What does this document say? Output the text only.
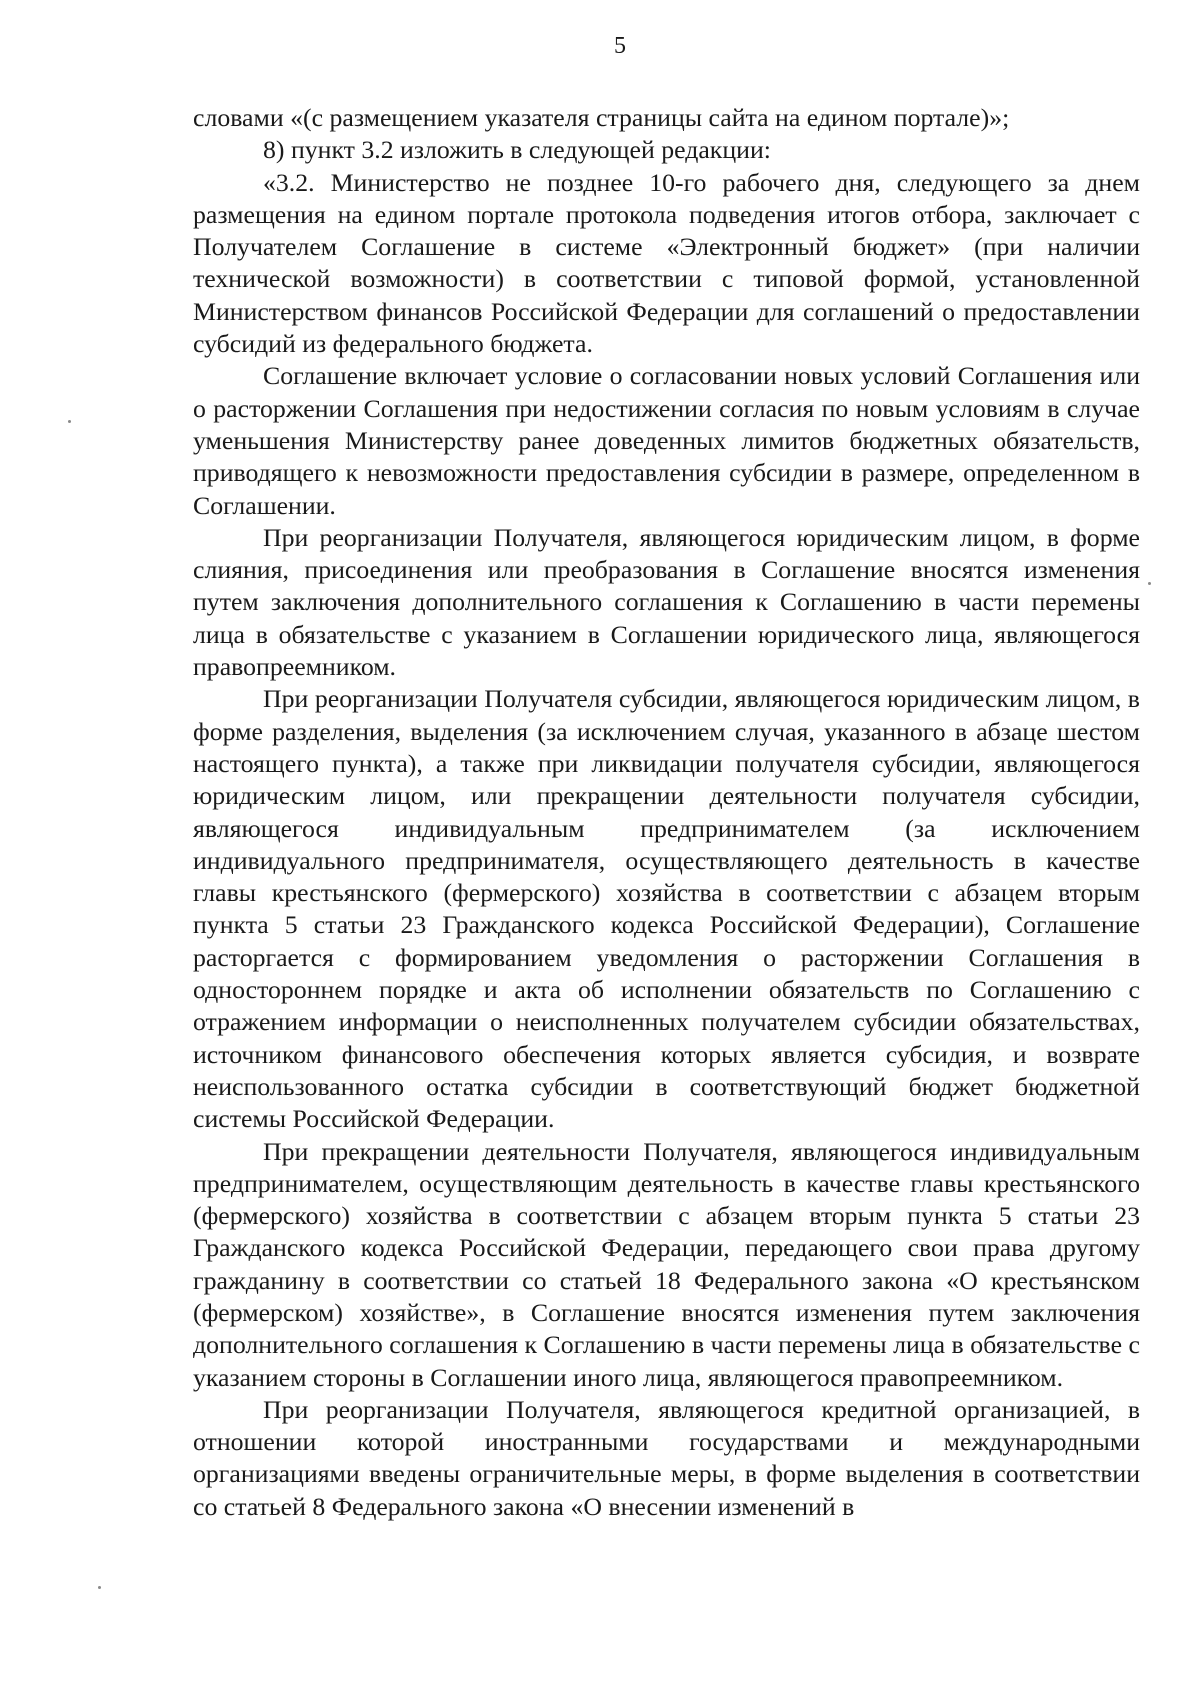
5

словами «(с размещением указателя страницы сайта на едином портале)»;

8) пункт 3.2 изложить в следующей редакции:

«3.2. Министерство не позднее 10-го рабочего дня, следующего за днем размещения на едином портале протокола подведения итогов отбора, заключает с Получателем Соглашение в системе «Электронный бюджет» (при наличии технической возможности) в соответствии с типовой формой, установленной Министерством финансов Российской Федерации для соглашений о предоставлении субсидий из федерального бюджета.

Соглашение включает условие о согласовании новых условий Соглашения или о расторжении Соглашения при недостижении согласия по новым условиям в случае уменьшения Министерству ранее доведенных лимитов бюджетных обязательств, приводящего к невозможности предоставления субсидии в размере, определенном в Соглашении.

При реорганизации Получателя, являющегося юридическим лицом, в форме слияния, присоединения или преобразования в Соглашение вносятся изменения путем заключения дополнительного соглашения к Соглашению в части перемены лица в обязательстве с указанием в Соглашении юридического лица, являющегося правопреемником.

При реорганизации Получателя субсидии, являющегося юридическим лицом, в форме разделения, выделения (за исключением случая, указанного в абзаце шестом настоящего пункта), а также при ликвидации получателя субсидии, являющегося юридическим лицом, или прекращении деятельности получателя субсидии, являющегося индивидуальным предпринимателем (за исключением индивидуального предпринимателя, осуществляющего деятельность в качестве главы крестьянского (фермерского) хозяйства в соответствии с абзацем вторым пункта 5 статьи 23 Гражданского кодекса Российской Федерации), Соглашение расторгается с формированием уведомления о расторжении Соглашения в одностороннем порядке и акта об исполнении обязательств по Соглашению с отражением информации о неисполненных получателем субсидии обязательствах, источником финансового обеспечения которых является субсидия, и возврате неиспользованного остатка субсидии в соответствующий бюджет бюджетной системы Российской Федерации.

При прекращении деятельности Получателя, являющегося индивидуальным предпринимателем, осуществляющим деятельность в качестве главы крестьянского (фермерского) хозяйства в соответствии с абзацем вторым пункта 5 статьи 23 Гражданского кодекса Российской Федерации, передающего свои права другому гражданину в соответствии со статьей 18 Федерального закона «О крестьянском (фермерском) хозяйстве», в Соглашение вносятся изменения путем заключения дополнительного соглашения к Соглашению в части перемены лица в обязательстве с указанием стороны в Соглашении иного лица, являющегося правопреемником.

При реорганизации Получателя, являющегося кредитной организацией, в отношении которой иностранными государствами и международными организациями введены ограничительные меры, в форме выделения в соответствии со статьей 8 Федерального закона «О внесении изменений в
